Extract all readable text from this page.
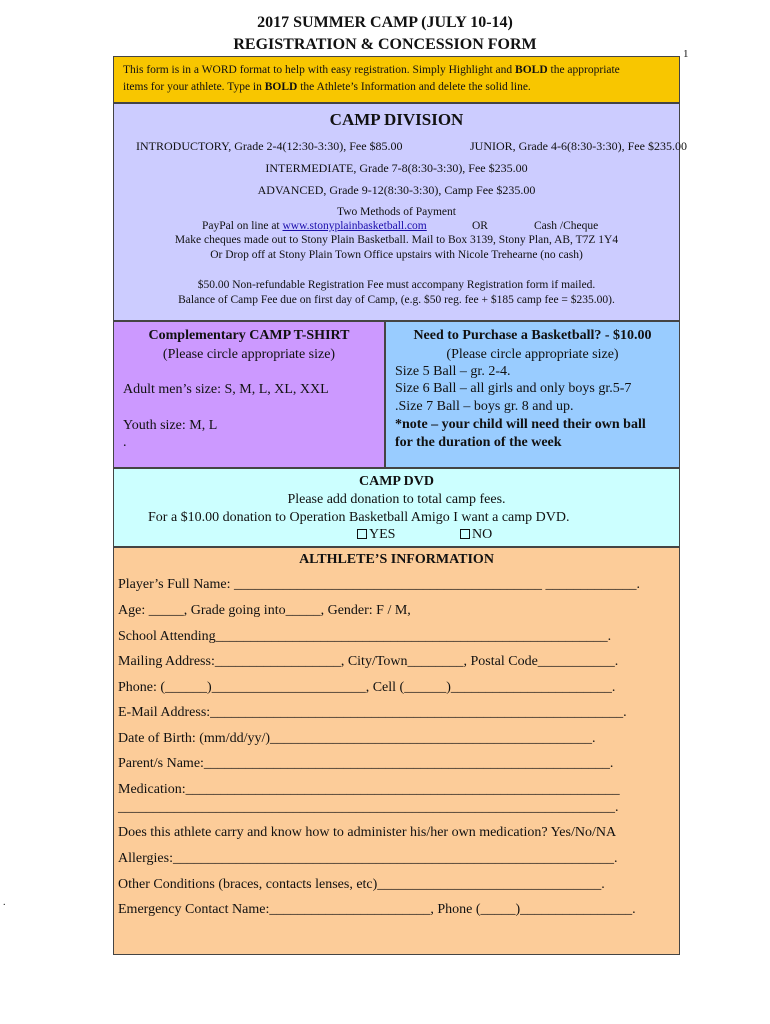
2017 SUMMER CAMP (JULY 10-14)
REGISTRATION & CONCESSION FORM
1
This form is in a WORD format to help with easy registration. Simply Highlight and BOLD the appropriate
items for your athlete. Type in BOLD the Athlete’s Information and delete the solid line.
CAMP DIVISION
INTRODUCTORY, Grade 2-4(12:30-3:30), Fee $85.00	JUNIOR, Grade 4-6(8:30-3:30), Fee $235.00
INTERMEDIATE, Grade 7-8(8:30-3:30), Fee $235.00
ADVANCED, Grade 9-12(8:30-3:30), Camp Fee $235.00
Two Methods of Payment
PayPal on line at www.stonyplainbasketball.com	OR	Cash /Cheque
Make cheques made out to Stony Plain Basketball. Mail to Box 3139, Stony Plan, AB, T7Z 1Y4
Or Drop off at Stony Plain Town Office upstairs with Nicole Trehearne (no cash)
$50.00 Non-refundable Registration Fee must accompany Registration form if mailed.
Balance of Camp Fee due on first day of Camp, (e.g. $50 reg. fee + $185 camp fee = $235.00).
Complementary CAMP T-SHIRT
(Please circle appropriate size)
Adult men’s size: S, M, L, XL, XXL
Youth size: M, L
.
Need to Purchase a Basketball? - $10.00
(Please circle appropriate size)
Size 5 Ball – gr. 2-4.
Size 6 Ball – all girls and only boys gr.5-7
.Size 7 Ball – boys gr. 8 and up.
*note – your child will need their own ball
for the duration of the week
CAMP DVD
Please add donation to total camp fees.
For a $10.00 donation to Operation Basketball Amigo I want a camp DVD.
YES	NO
ALTHLETE’S INFORMATION
Player’s Full Name: ____________________________________________ _____________.
Age: _____, Grade going into_____, Gender: F / M,
School Attending________________________________________________________.
Mailing Address:__________________, City/Town________, Postal Code___________.
Phone: (______)______________________, Cell (______)_______________________.
E-Mail Address:___________________________________________________________.
Date of Birth: (mm/dd/yy/)______________________________________________.
Parent/s Name:__________________________________________________________.
Medication:______________________________________________________________
_______________________________________________________________________.
Does this athlete carry and know how to administer his/her own medication? Yes/No/NA
Allergies:_______________________________________________________________.
Other Conditions (braces, contacts lenses, etc)________________________________.
Emergency Contact Name:_______________________, Phone (_____)________________.
.
